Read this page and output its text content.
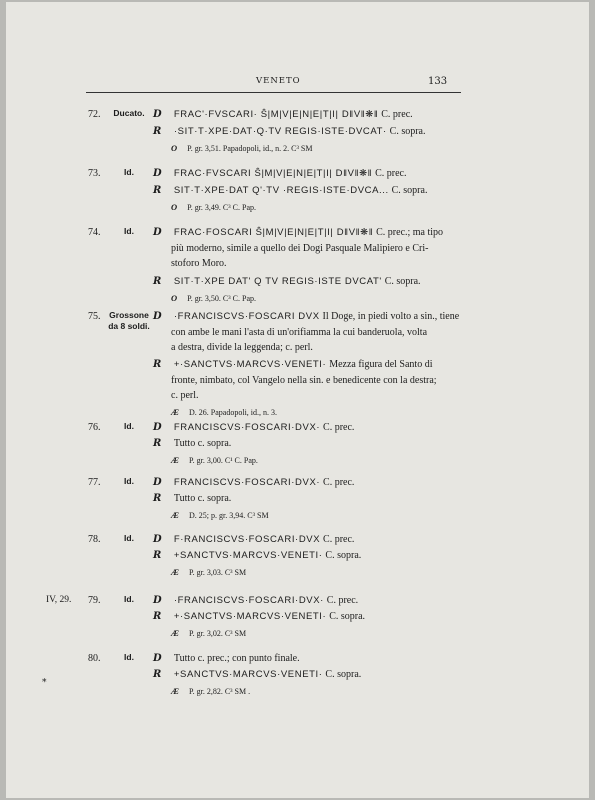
VENETO	133
72.	Ducato. D FRAC'·FVSCARI· Ŝ|M|V|E|N|E|T|I| D‖V‖❋‖ C. prec.
R ·SIT·T·XPE·DAT·Q·TV REGIS·ISTE·DVCAT· C. sopra.
O P. gr. 3,51. Papadopoli, id., n. 2. C³ SM
73.	Id.	D FRAC·FVSCARI Ŝ|M|V|E|N|E|T|I| D‖V‖❋‖ C. prec.
R SIT·T·XPE·DAT Q'·TV ·REGIS·ISTE·DVCA... C. sopra.
O P. gr. 3,49. C³ C. Pap.
74.	Id.	D FRAC·FOSCARI Ŝ|M|V|E|N|E|T|I| D‖V‖❋‖ C. prec.; ma tipo
più moderno, simile a quello dei Dogi Pasquale Malipiero e Cri-
stoforo Moro.
R SIT·T·XPE DAT' Q TV REGIS·ISTE DVCAT' C. sopra.
O P. gr. 3,50. C³ C. Pap.
75.	Grossone da 8 soldi.
D ·FRANCISCVS·FOSCARI DVX Il Doge, in piedi volto a sin., tiene
con ambe le mani l'asta di un'orifiamma la cui banderuola, volta
a destra, divide la leggenda; c. perl.
R +·SANCTVS·MARCVS·VENETI· Mezza figura del Santo di
fronte, nimbato, col Vangelo nella sin. e benedicente con la destra;
c. perl.
Æ D. 26. Papadopoli, id., n. 3.
76.	Id.	D FRANCISCVS·FOSCARI·DVX· C. prec.
R Tutto c. sopra.
Æ P. gr. 3,00. C¹ C. Pap.
77.	Id.	D FRANCISCVS·FOSCARI·DVX· C. prec.
R Tutto c. sopra.
Æ D. 25; p. gr. 3,94. C³ SM
78.	Id.	D F·RANCISCVS·FOSCARI·DVX C. prec.
R +SANCTVS·MARCVS·VENETI· C. sopra.
Æ P. gr. 3,03. C³ SM
IV, 29. 79.	Id.	D ·FRANCISCVS·FOSCARI·DVX· C. prec.
R +·SANCTVS·MARCVS·VENETI· C. sopra.
Æ P. gr. 3,02. C³ SM
80.	Id.	D Tutto c. prec.; con punto finale.
R +SANCTVS·MARCVS·VENETI· C. sopra.
Æ P. gr. 2,82. C³ SM .
*
